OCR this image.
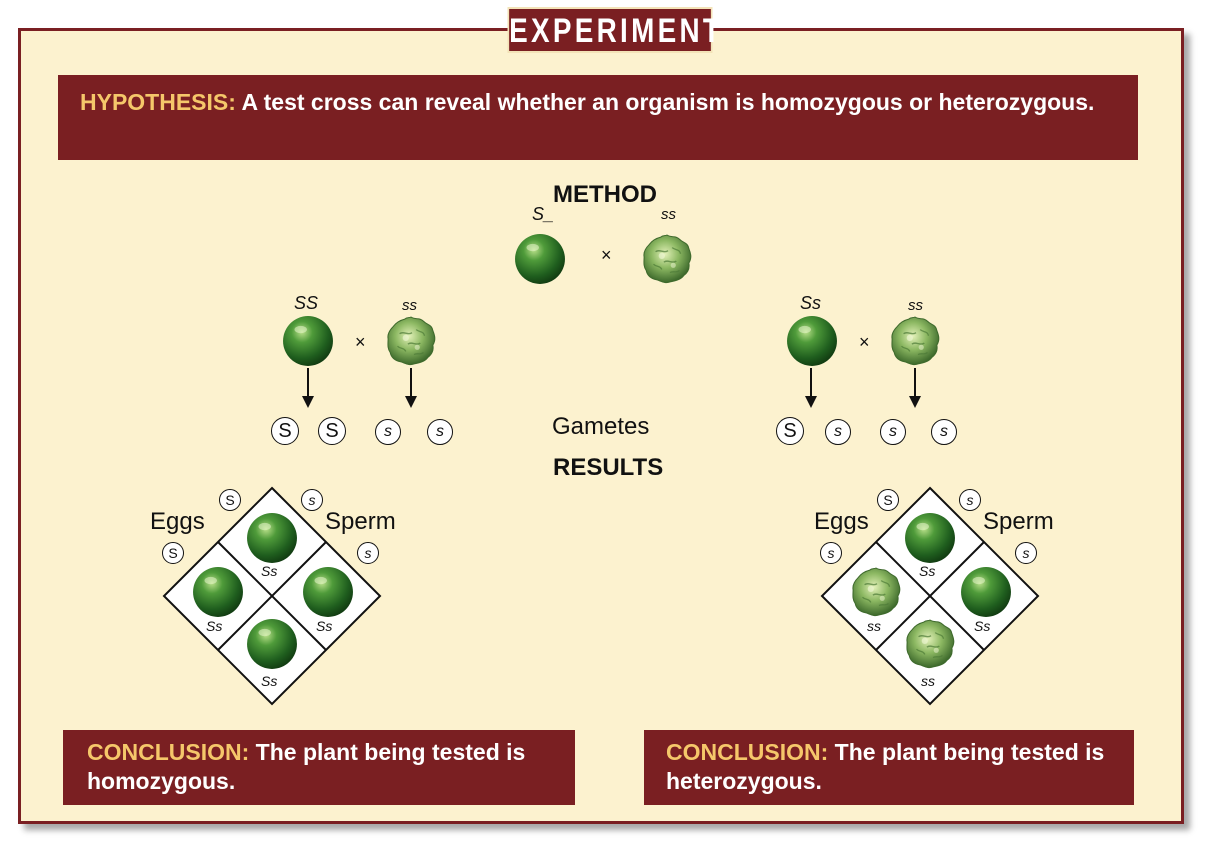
EXPERIMENT
HYPOTHESIS: A test cross can reveal whether an organism is homozygous or heterozygous.
METHOD
S_	ss
×
SS	ss
×
S	S	s	s	Gametes
RESULTS
Ss
Ss	Ss
Ss
Eggs	Sperm
S
S
s
s
Ss	ss
×
S	s	s	s
Ss
ss	Ss
ss
Eggs	Sperm
S
s
s
s
CONCLUSION: The plant being tested is homozygous.
CONCLUSION: The plant being tested is heterozygous.
